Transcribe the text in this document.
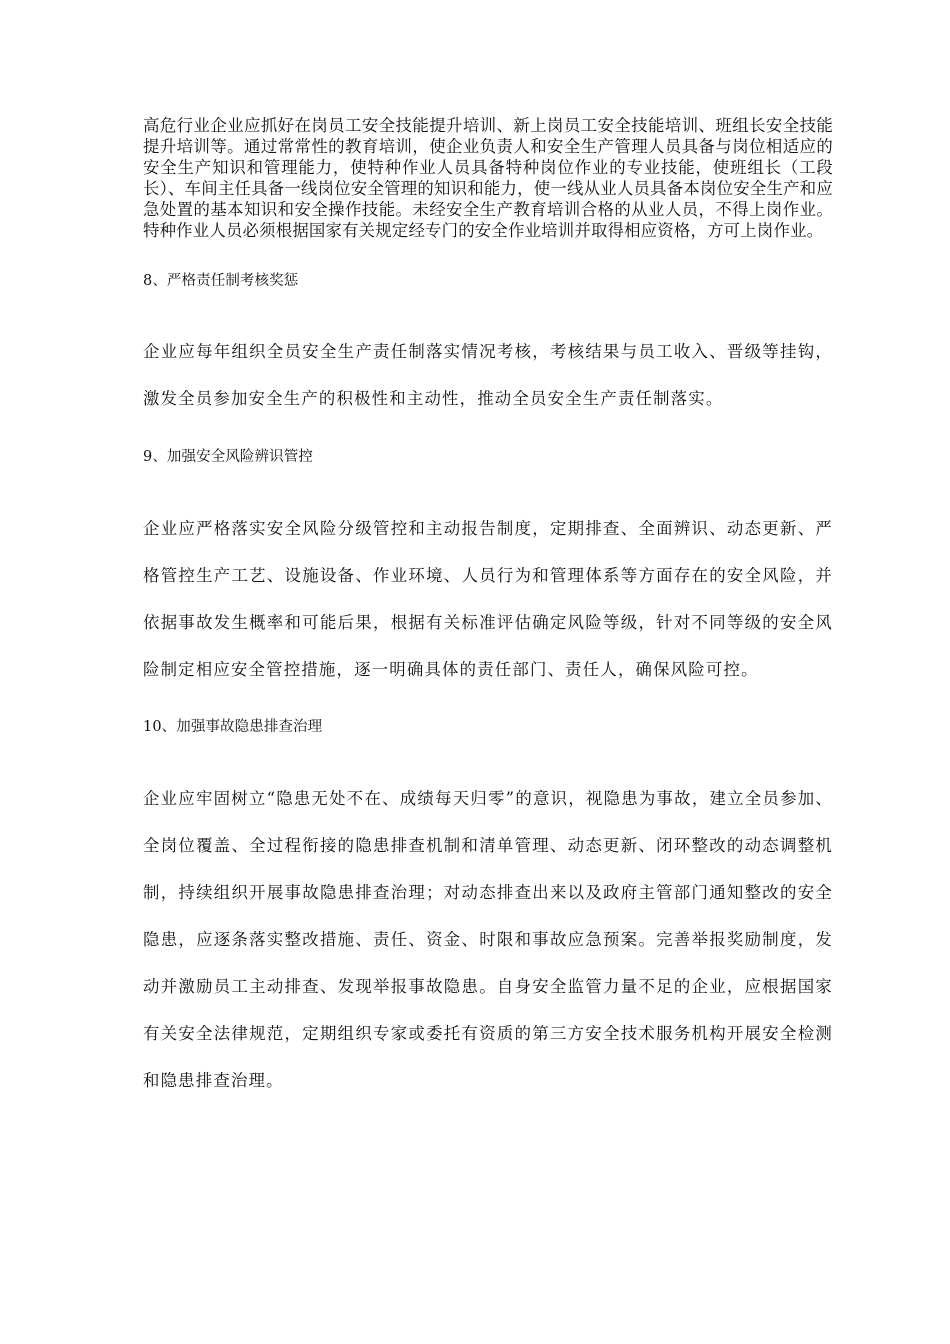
高危行业企业应抓好在岗员工安全技能提升培训、新上岗员工安全技能培训、班组长安全技能提升培训等。通过常常性的教育培训，使企业负责人和安全生产管理人员具备与岗位相适应的安全生产知识和管理能力，使特种作业人员具备特种岗位作业的专业技能，使班组长（工段长）、车间主任具备一线岗位安全管理的知识和能力，使一线从业人员具备本岗位安全生产和应急处置的基本知识和安全操作技能。未经安全生产教育培训合格的从业人员，不得上岗作业。特种作业人员必须根据国家有关规定经专门的安全作业培训并取得相应资格，方可上岗作业。

8、严格责任制考核奖惩

企业应每年组织全员安全生产责任制落实情况考核，考核结果与员工收入、晋级等挂钩，激发全员参加安全生产的积极性和主动性，推动全员安全生产责任制落实。

9、加强安全风险辨识管控

企业应严格落实安全风险分级管控和主动报告制度，定期排查、全面辨识、动态更新、严格管控生产工艺、设施设备、作业环境、人员行为和管理体系等方面存在的安全风险，并依据事故发生概率和可能后果，根据有关标准评估确定风险等级，针对不同等级的安全风险制定相应安全管控措施，逐一明确具体的责任部门、责任人，确保风险可控。

10、加强事故隐患排查治理

企业应牢固树立“隐患无处不在、成绩每天归零”的意识，视隐患为事故，建立全员参加、全岗位覆盖、全过程衔接的隐患排查机制和清单管理、动态更新、闭环整改的动态调整机制，持续组织开展事故隐患排查治理；对动态排查出来以及政府主管部门通知整改的安全隐患，应逐条落实整改措施、责任、资金、时限和事故应急预案。完善举报奖励制度，发动并激励员工主动排查、发现举报事故隐患。自身安全监管力量不足的企业，应根据国家有关安全法律规范，定期组织专家或委托有资质的第三方安全技术服务机构开展安全检测和隐患排查治理。
